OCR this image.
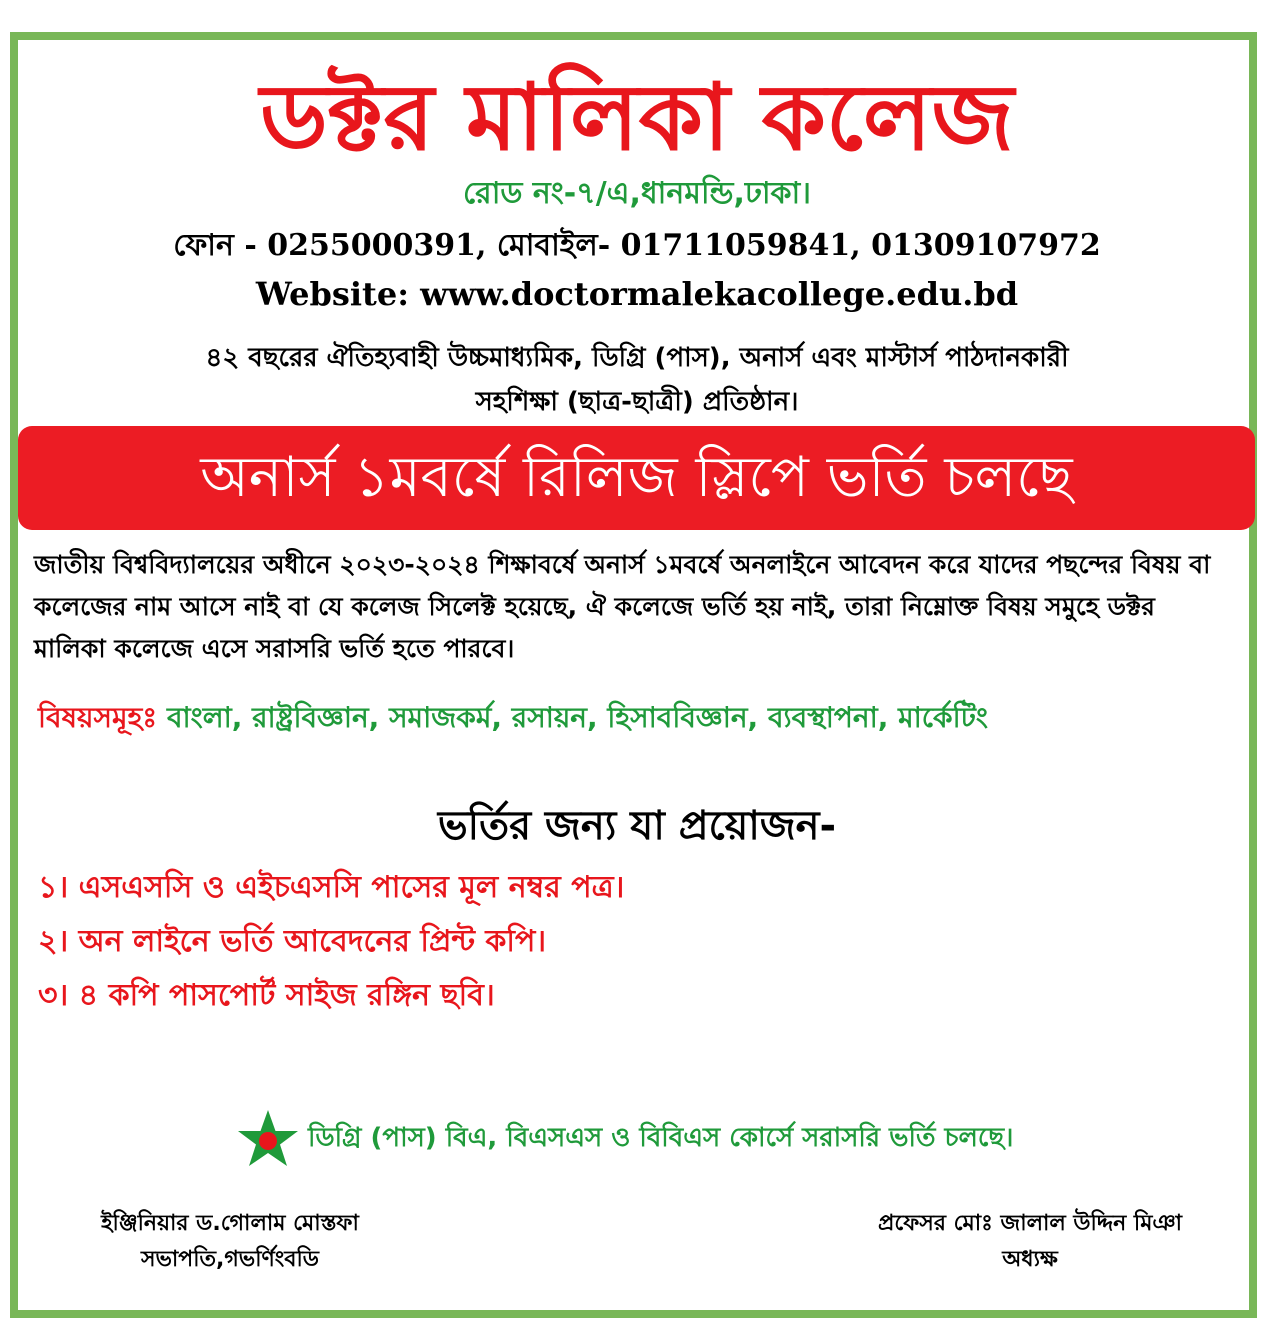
ডক্টর মালিকা কলেজ
রোড নং-৭/এ,ধানমন্ডি,ঢাকা।
ফোন - 0255000391, মোবাইল- 01711059841, 01309107972
Website: www.doctormalekacollege.edu.bd
৪২ বছরের ঐতিহ্যবাহী উচ্চমাধ্যমিক, ডিগ্রি (পাস), অনার্স এবং মাস্টার্স পাঠদানকারী
সহশিক্ষা (ছাত্র-ছাত্রী) প্রতিষ্ঠান।
অনার্স ১মবর্ষে রিলিজ স্লিপে ভর্তি চলছে
জাতীয় বিশ্ববিদ্যালয়ের অধীনে ২০২৩-২০২৪ শিক্ষাবর্ষে অনার্স ১মবর্ষে অনলাইনে আবেদন করে যাদের পছন্দের বিষয় বা কলেজের নাম আসে নাই বা যে কলেজ সিলেক্ট হয়েছে, ঐ কলেজে ভর্তি হয় নাই, তারা নিম্নোক্ত বিষয় সমুহে ডক্টর মালিকা কলেজে এসে সরাসরি ভর্তি হতে পারবে।
বিষয়সমূহঃ বাংলা, রাষ্ট্রবিজ্ঞান, সমাজকর্ম, রসায়ন, হিসাববিজ্ঞান, ব্যবস্থাপনা, মার্কেটিং
ভর্তির জন্য যা প্রয়োজন-
১। এসএসসি ও এইচএসসি পাসের মূল নম্বর পত্র।
২। অন লাইনে ভর্তি আবেদনের প্রিন্ট কপি।
৩। ৪ কপি পাসপোর্ট সাইজ রঙ্গিন ছবি।
ডিগ্রি (পাস) বিএ, বিএসএস ও বিবিএস কোর্সে সরাসরি ভর্তি চলছে।
ইঞ্জিনিয়ার ড.গোলাম মোস্তফা
সভাপতি,গভর্ণিংবডি
প্রফেসর মোঃ জালাল উদ্দিন মিঞা
অধ্যক্ষ
